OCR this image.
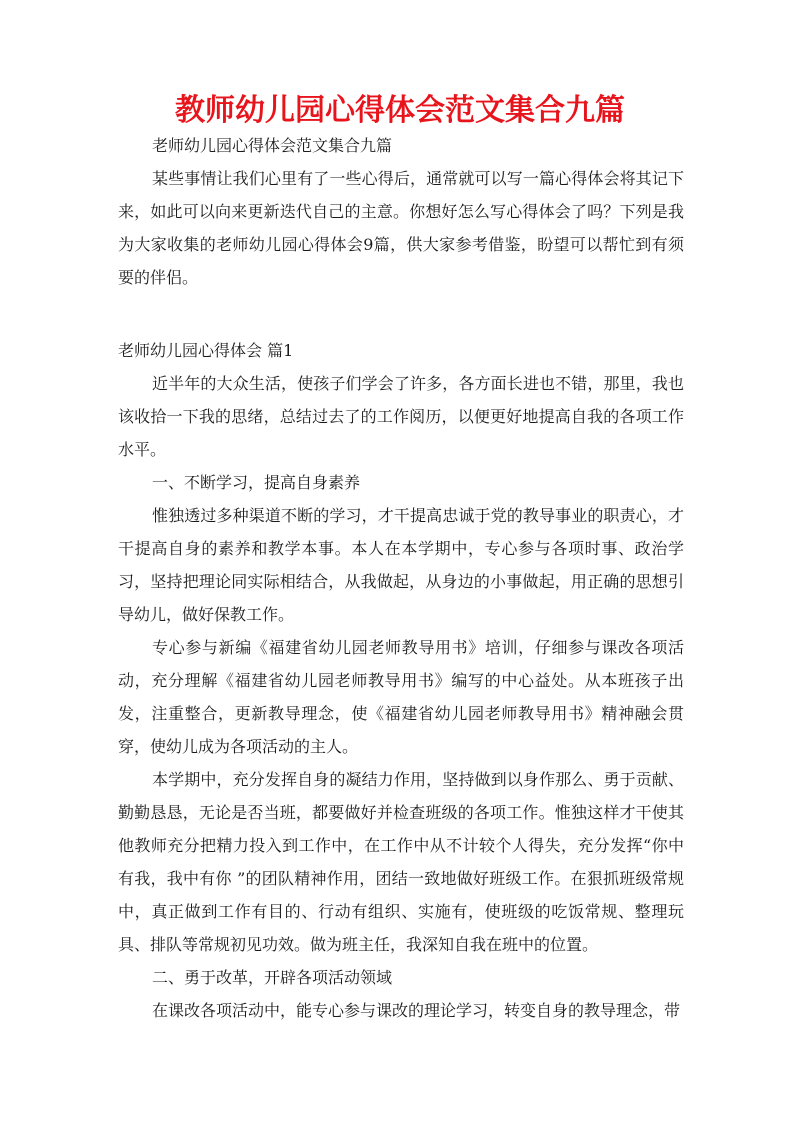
教师幼儿园心得体会范文集合九篇

老师幼儿园心得体会范文集合九篇

某些事情让我们心里有了一些心得后，通常就可以写一篇心得体会将其记下来，如此可以向来更新迭代自己的主意。你想好怎么写心得体会了吗？下列是我为大家收集的老师幼儿园心得体会9篇，供大家参考借鉴，盼望可以帮忙到有须要的伴侣。

老师幼儿园心得体会 篇1

近半年的大众生活，使孩子们学会了许多，各方面长进也不错，那里，我也该收拾一下我的思绪，总结过去了的工作阅历，以便更好地提高自我的各项工作水平。

一、不断学习，提高自身素养

惟独透过多种渠道不断的学习，才干提高忠诚于党的教导事业的职责心，才干提高自身的素养和教学本事。本人在本学期中，专心参与各项时事、政治学习，坚持把理论同实际相结合，从我做起，从身边的小事做起，用正确的思想引导幼儿，做好保教工作。

专心参与新编《福建省幼儿园老师教导用书》培训，仔细参与课改各项活动，充分理解《福建省幼儿园老师教导用书》编写的中心益处。从本班孩子出发，注重整合，更新教导理念，使《福建省幼儿园老师教导用书》精神融会贯穿，使幼儿成为各项活动的主人。

本学期中，充分发挥自身的凝结力作用，坚持做到以身作那么、勇于贡献、勤勤恳恳，无论是否当班，都要做好并检查班级的各项工作。惟独这样才干使其他教师充分把精力投入到工作中，在工作中从不计较个人得失，充分发挥“你中有我，我中有你 ”的团队精神作用，团结一致地做好班级工作。在狠抓班级常规中，真正做到工作有目的、行动有组织、实施有，使班级的吃饭常规、整理玩具、排队等常规初见功效。做为班主任，我深知自我在班中的位置。

二、勇于改革，开辟各项活动领域

在课改各项活动中，能专心参与课改的理论学习，转变自身的教导理念，带
